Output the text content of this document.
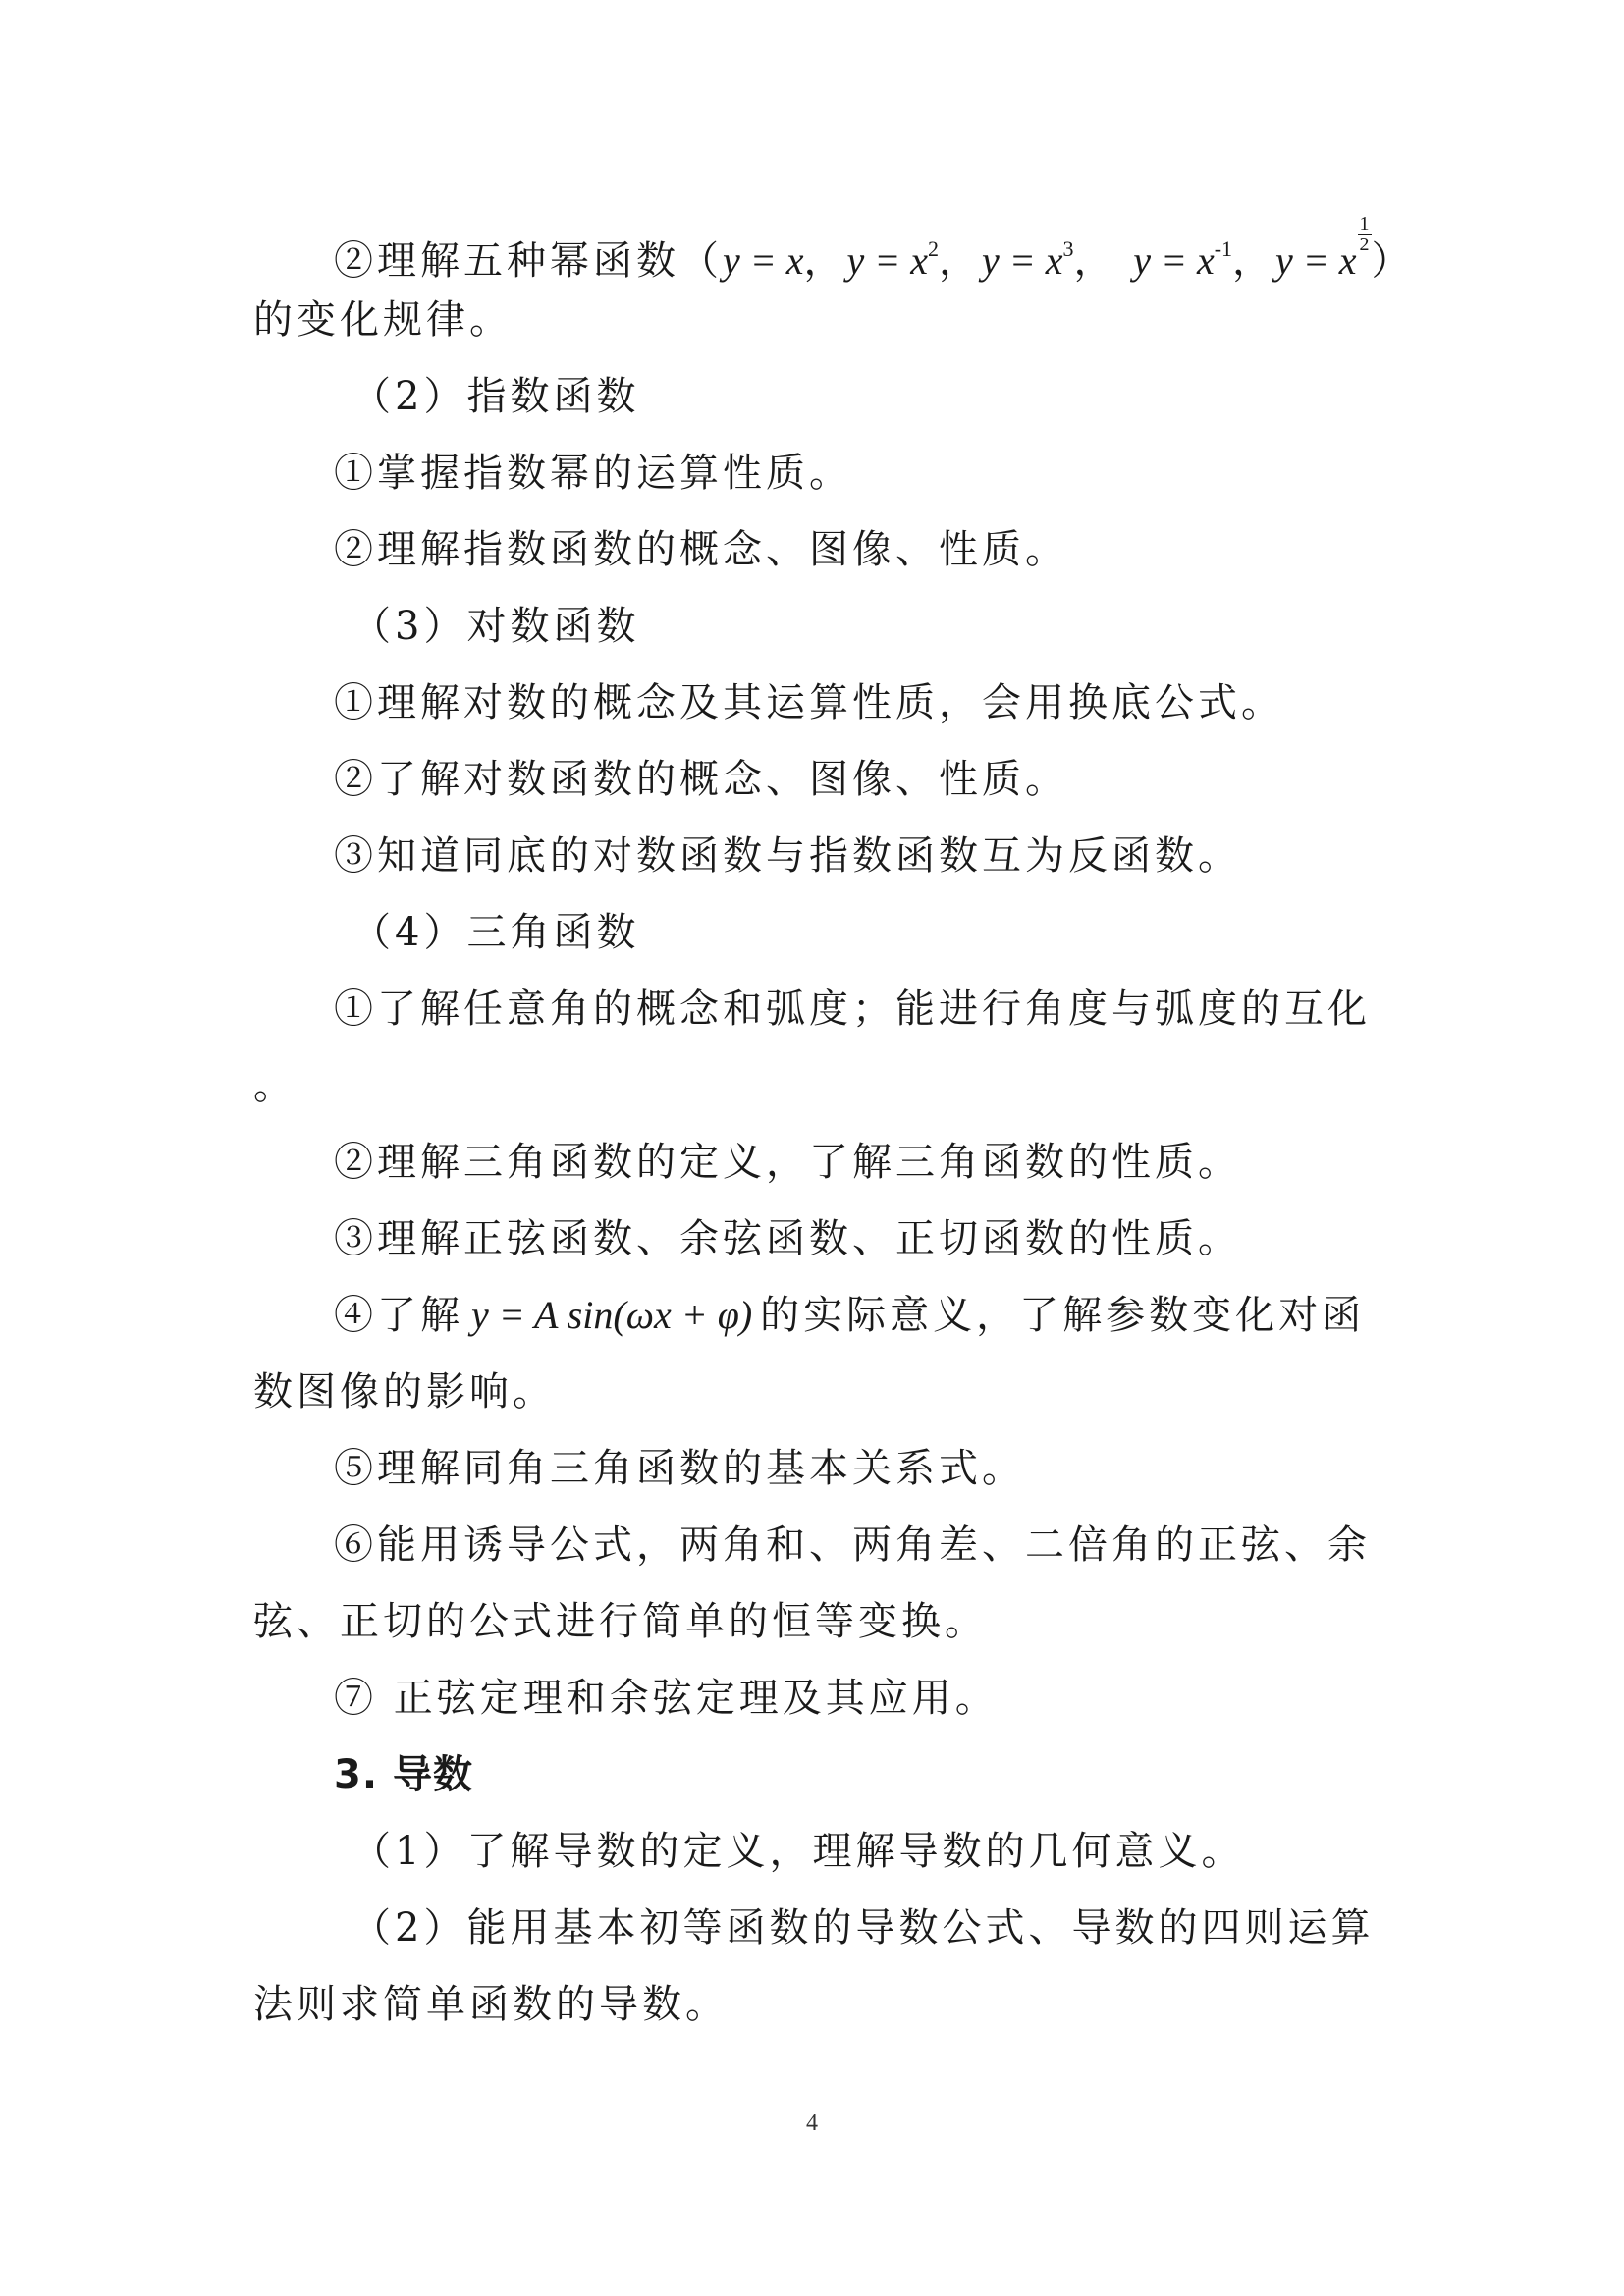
②理解五种幂函数（y = x，$y = x^2$，$y = x^3$， $y = x^{-1}$，y = x
$\frac{1}{2}$
）
的变化规律。
（2）指数函数
①掌握指数幂的运算性质。
②理解指数函数的概念、图像、性质。
（3）对数函数
①理解对数的概念及其运算性质，会用换底公式。
②了解对数函数的概念、图像、性质。
③知道同底的对数函数与指数函数互为反函数。
（4）三角函数
①了解任意角的概念和弧度；能进行角度与弧度的互化
。
②理解三角函数的定义，了解三角函数的性质。
③理解正弦函数、余弦函数、正切函数的性质。
④了解 y = A sin(ωx + φ) 的实际意义，了解参数变化对函
数图像的影响。
⑤理解同角三角函数的基本关系式。
⑥能用诱导公式，两角和、两角差、二倍角的正弦、余
弦、正切的公式进行简单的恒等变换。
⑦ 正弦定理和余弦定理及其应用。
3. 导数
（1）了解导数的定义，理解导数的几何意义。
（2）能用基本初等函数的导数公式、导数的四则运算
法则求简单函数的导数。
4
